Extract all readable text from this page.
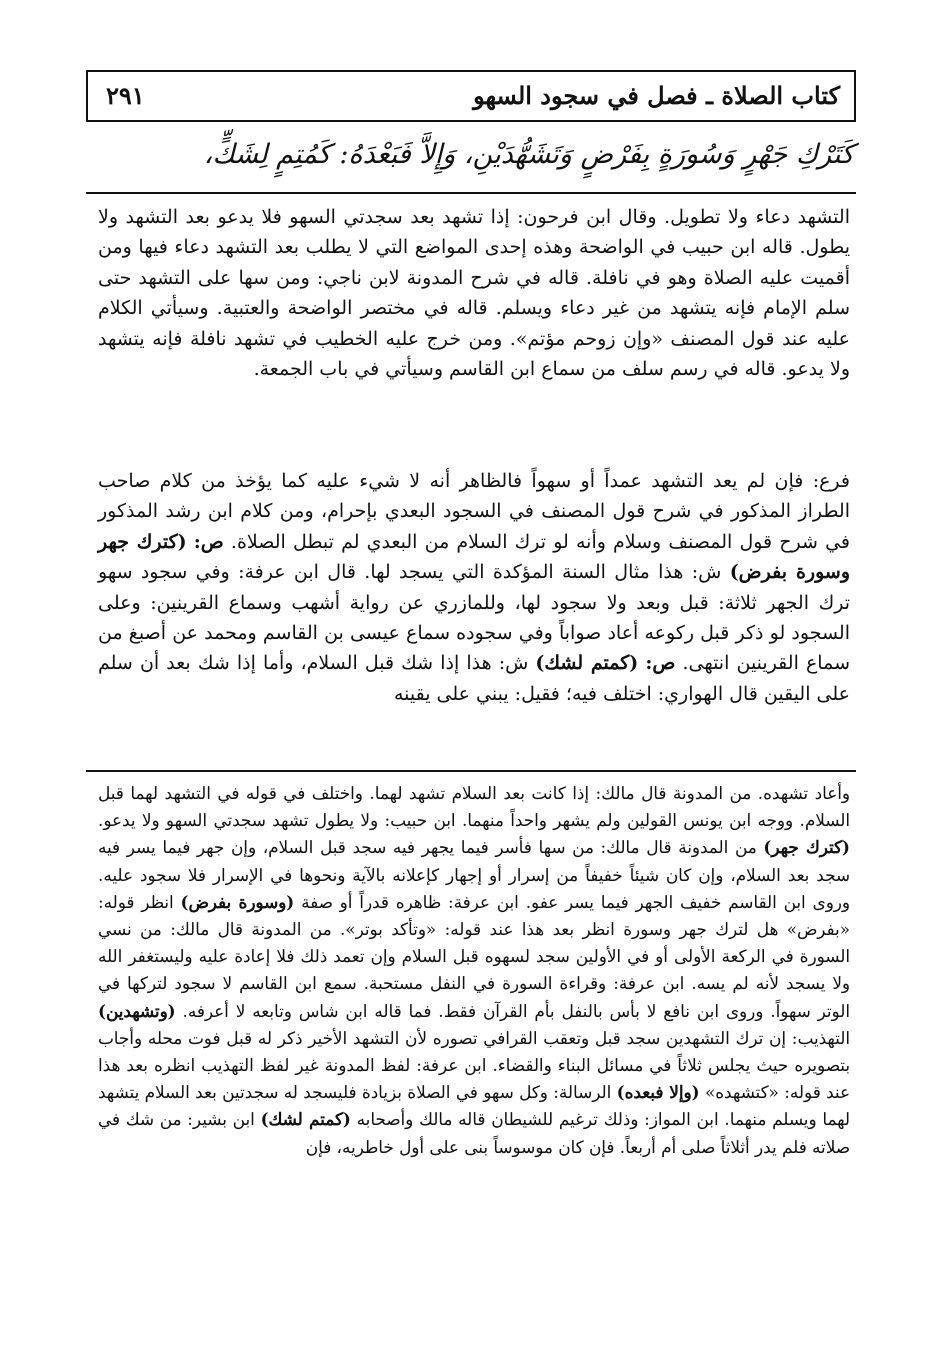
كتاب الصلاة ـ فصل في سجود السهو
٢٩١
كَتَرْكِ جَهْرٍ وَسُورَةٍ بِفَرْضٍ وَتَشَهُّدَيْنِ، وَإِلاَّ فَبَعْدَهُ: كَمُتِمٍ لِشَكٍّ،

التشهد دعاء ولا تطويل. وقال ابن فرحون: إذا تشهد بعد سجدتي السهو فلا يدعو بعد التشهد ولا يطول. قاله ابن حبيب في الواضحة وهذه إحدى المواضع التي لا يطلب بعد التشهد دعاء فيها ومن أقميت عليه الصلاة وهو في نافلة. قاله في شرح المدونة لابن ناجي: ومن سها على التشهد حتى سلم الإمام فإنه يتشهد من غير دعاء ويسلم. قاله في مختصر الواضحة والعتبية. وسيأتي الكلام عليه عند قول المصنف «وإن زوحم مؤتم». ومن خرج عليه الخطيب في تشهد نافلة فإنه يتشهد ولا يدعو. قاله في رسم سلف من سماع ابن القاسم وسيأتي في باب الجمعة.

فرع: فإن لم يعد التشهد عمداً أو سهواً فالظاهر أنه لا شيء عليه كما يؤخذ من كلام صاحب الطراز المذكور في شرح قول المصنف في السجود البعدي بإحرام، ومن كلام ابن رشد المذكور في شرح قول المصنف وسلام وأنه لو ترك السلام من البعدي لم تبطل الصلاة. ص: (كترك جهر وسورة بفرض) ش: هذا مثال السنة المؤكدة التي يسجد لها. قال ابن عرفة: وفي سجود سهو ترك الجهر ثلاثة: قبل وبعد ولا سجود لها، وللمازري عن رواية أشهب وسماع القرينين: وعلى السجود لو ذكر قبل ركوعه أعاد صواباً وفي سجوده سماع عيسى بن القاسم ومحمد عن أصبغ من سماع القرينين انتهى. ص: (كمتم لشك) ش: هذا إذا شك قبل السلام، وأما إذا شك بعد أن سلم على اليقين قال الهواري: اختلف فيه؛ فقيل: يبني على يقينه

وأعاد تشهده. من المدونة قال مالك: إذا كانت بعد السلام تشهد لهما. واختلف في قوله في التشهد لهما قبل السلام. ووجه ابن يونس القولين ولم يشهر واحداً منهما. ابن حبيب: ولا يطول تشهد سجدتي السهو ولا يدعو. (كترك جهر) من المدونة قال مالك: من سها فأسر فيما يجهر فيه سجد قبل السلام، وإن جهر فيما يسر فيه سجد بعد السلام، وإن كان شيئاً خفيفاً من إسرار أو إجهار كإعلانه بالآية ونحوها في الإسرار فلا سجود عليه. وروى ابن القاسم خفيف الجهر فيما يسر عفو. ابن عرفة: ظاهره قدراً أو صفة (وسورة بفرض) انظر قوله: «بفرض» هل لترك جهر وسورة انظر بعد هذا عند قوله: «وتأكد بوتر». من المدونة قال مالك: من نسي السورة في الركعة الأولى أو في الأولين سجد لسهوه قبل السلام وإن تعمد ذلك فلا إعادة عليه وليستغفر الله ولا يسجد لأنه لم يسه. ابن عرفة: وقراءة السورة في النفل مستحبة. سمع ابن القاسم لا سجود لتركها في الوتر سهواً. وروى ابن نافع لا بأس بالنفل بأم القرآن فقط. فما قاله ابن شاس وتابعه لا أعرفه. (وتشهدين) التهذيب: إن ترك التشهدين سجد قبل وتعقب القرافي تصوره لأن التشهد الأخير ذكر له قبل فوت محله وأجاب بتصويره حيث يجلس ثلاثاً في مسائل البناء والقضاء. ابن عرفة: لفظ المدونة غير لفظ التهذيب انظره بعد هذا عند قوله: «كتشهده» (وإلا فبعده) الرسالة: وكل سهو في الصلاة بزيادة فليسجد له سجدتين بعد السلام يتشهد لهما ويسلم منهما. ابن المواز: وذلك ترغيم للشيطان قاله مالك وأصحابه (كمتم لشك) ابن بشير: من شك في صلاته فلم يدر أثلاثاً صلى أم أربعاً. فإن كان موسوساً بنى على أول خاطريه، فإن
